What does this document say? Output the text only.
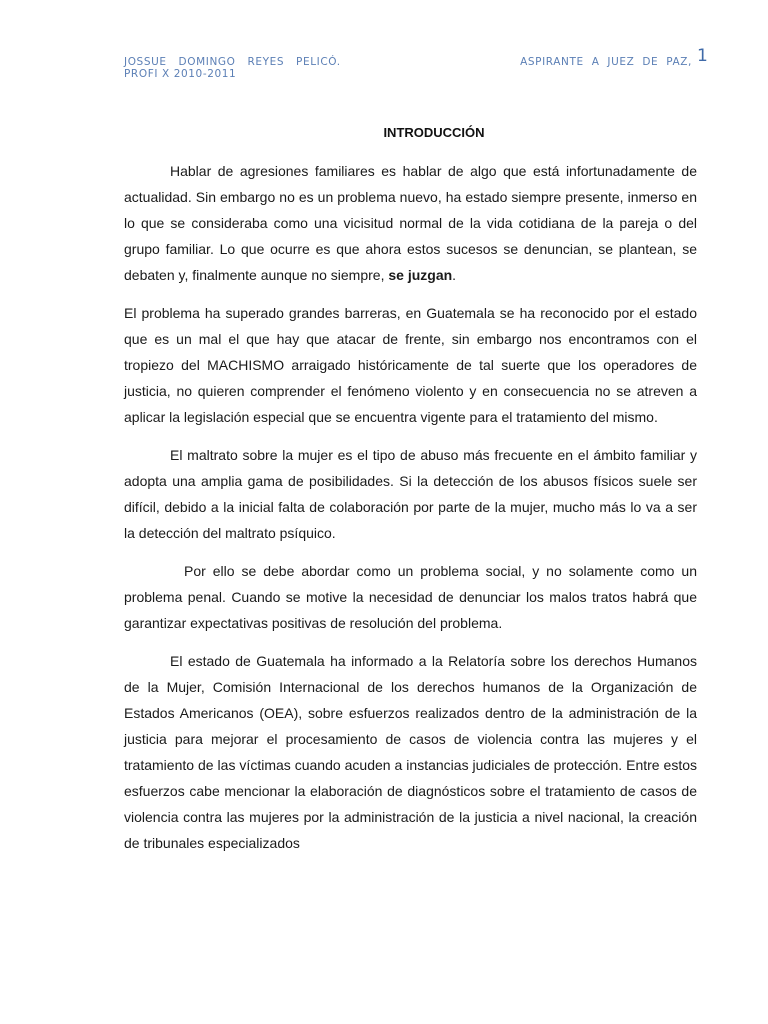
JOSSUE DOMINGO REYES PELICÓ.
PROFI X 2010-2011
ASPIRANTE A JUEZ DE PAZ, 1
INTRODUCCIÓN

Hablar de agresiones familiares es hablar de algo que está infortunadamente de actualidad. Sin embargo no es un problema nuevo, ha estado siempre presente, inmerso en lo que se consideraba como una vicisitud normal de la vida cotidiana de la pareja o del grupo familiar. Lo que ocurre es que ahora estos sucesos se denuncian, se plantean, se debaten y, finalmente aunque no siempre, se juzgan.

El problema ha superado grandes barreras, en Guatemala se ha reconocido por el estado que es un mal el que hay que atacar de frente, sin embargo nos encontramos con el tropiezo del MACHISMO arraigado históricamente de tal suerte que los operadores de justicia, no quieren comprender el fenómeno violento y en consecuencia no se atreven a aplicar la legislación especial que se encuentra vigente para el tratamiento del mismo.

El maltrato sobre la mujer es el tipo de abuso más frecuente en el ámbito familiar y adopta una amplia gama de posibilidades. Si la detección de los abusos físicos suele ser difícil, debido a la inicial falta de colaboración por parte de la mujer, mucho más lo va a ser la detección del maltrato psíquico.

Por ello se debe abordar como un problema social, y no solamente como un problema penal. Cuando se motive la necesidad de denunciar los malos tratos habrá que garantizar expectativas positivas de resolución del problema.

El estado de Guatemala ha informado a la Relatoría sobre los derechos Humanos de la Mujer, Comisión Internacional de los derechos humanos de la Organización de Estados Americanos (OEA), sobre esfuerzos realizados dentro de la administración de la justicia para mejorar el procesamiento de casos de violencia contra las mujeres y el tratamiento de las víctimas cuando acuden a instancias judiciales de protección. Entre estos esfuerzos cabe mencionar la elaboración de diagnósticos sobre el tratamiento de casos de violencia contra las mujeres por la administración de la justicia a nivel nacional, la creación de tribunales especializados
